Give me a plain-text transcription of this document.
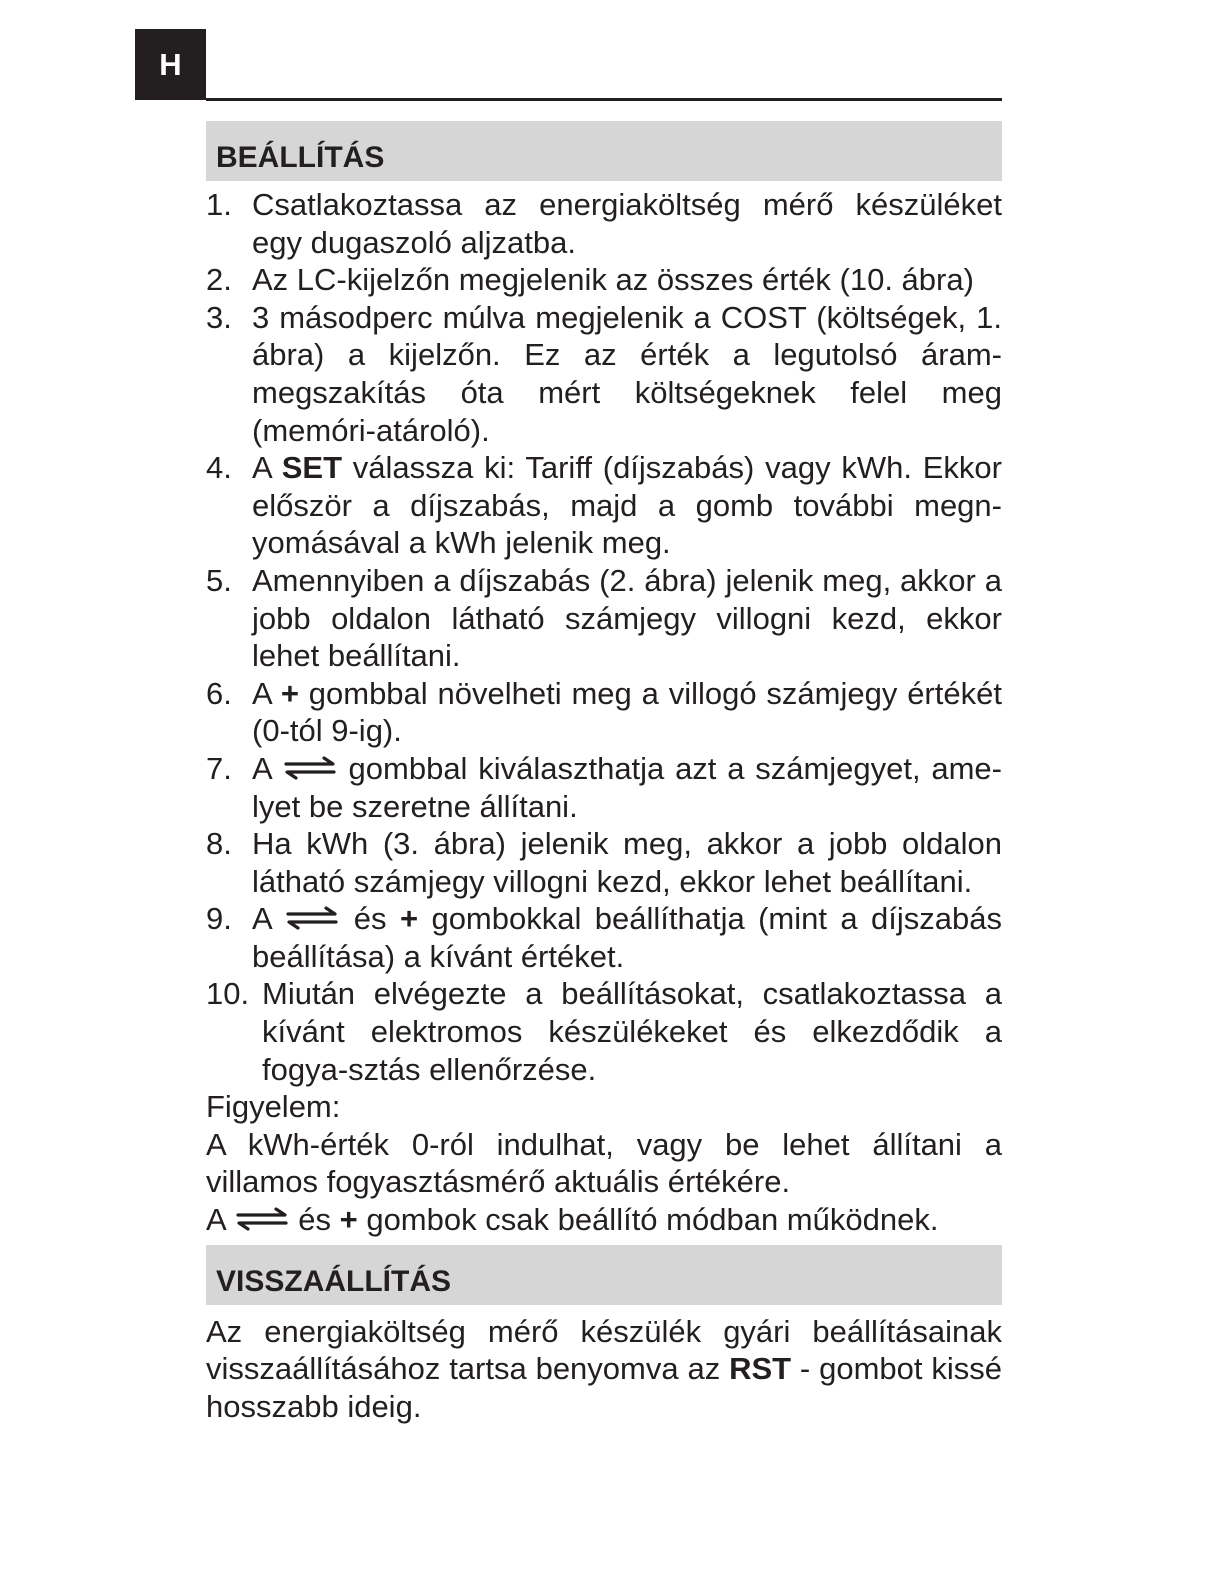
H
BEÁLLÍTÁS
1. Csatlakoztassa az energiaköltség mérő készüléket egy dugaszoló aljzatba.
2. Az LC-kijelzőn megjelenik az összes érték (10. ábra)
3. 3 másodperc múlva megjelenik a COST (költségek, 1. ábra) a kijelzőn. Ez az érték a legutolsó áram-megszakítás óta mért költségeknek felel meg (memóri-atároló).
4. A SET válassza ki: Tariff (díjszabás) vagy kWh. Ekkor először a díjszabás, majd a gomb további megn-yomásával a kWh jelenik meg.
5. Amennyiben a díjszabás (2. ábra) jelenik meg, akkor a jobb oldalon látható számjegy villogni kezd, ekkor lehet beállítani.
6. A + gombbal növelheti meg a villogó számjegy értékét (0-tól 9-ig).
7. A	gombbal kiválaszthatja azt a számjegyet, ame-lyet be szeretne állítani.
8. Ha kWh (3. ábra) jelenik meg, akkor a jobb oldalon látható számjegy villogni kezd, ekkor lehet beállítani.
9. A	és + gombokkal beállíthatja (mint a díjszabás beállítása) a kívánt értéket.
10. Miután elvégezte a beállításokat, csatlakoztassa a kívánt elektromos készülékeket és elkezdődik a fogya-sztás ellenőrzése.

Figyelem:

A kWh-érték 0-ról indulhat, vagy be lehet állítani a villamos fogyasztásmérő aktuális értékére.

A és + gombok csak beállító módban működnek.

VISSZAÁLLÍTÁS

Az energiaköltség mérő készülék gyári beállításainak visszaállításához tartsa benyomva az RST - gombot kissé hosszabb ideig.
